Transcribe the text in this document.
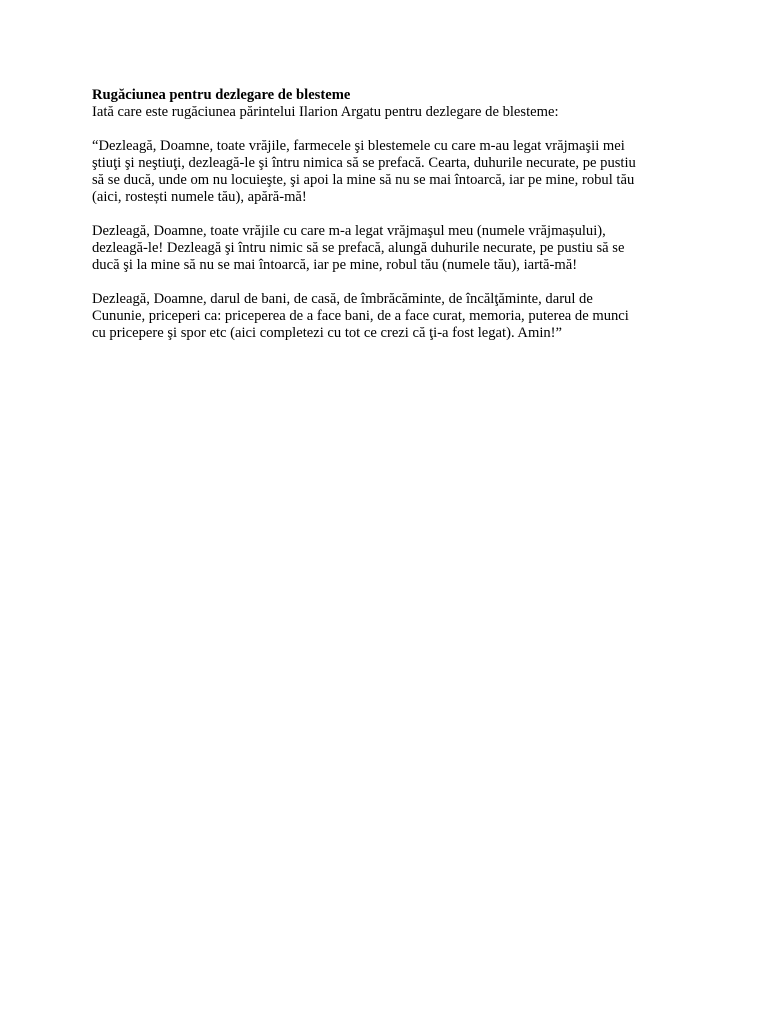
Rugăciunea pentru dezlegare de blesteme

Iată care este rugăciunea părintelui Ilarion Argatu pentru dezlegare de blesteme:

“Dezleagă, Doamne, toate vrăjile, farmecele şi blestemele cu care m-au legat vrăjmaşii mei

ştiuţi şi neştiuţi, dezleagă-le şi întru nimica să se prefacă. Cearta, duhurile necurate, pe pustiu

să se ducă, unde om nu locuieşte, şi apoi la mine să nu se mai întoarcă, iar pe mine, robul tău

(aici, rostești numele tău), apără-mă!

Dezleagă, Doamne, toate vrăjile cu care m-a legat vrăjmaşul meu (numele vrăjmașului),

dezleagă-le! Dezleagă şi întru nimic să se prefacă, alungă duhurile necurate, pe pustiu să se

ducă şi la mine să nu se mai întoarcă, iar pe mine, robul tău (numele tău), iartă-mă!

Dezleagă, Doamne, darul de bani, de casă, de îmbrăcăminte, de încălţăminte, darul de

Cununie, priceperi ca: priceperea de a face bani, de a face curat, memoria, puterea de munci

cu pricepere şi spor etc (aici completezi cu tot ce crezi că ţi-a fost legat). Amin!”
